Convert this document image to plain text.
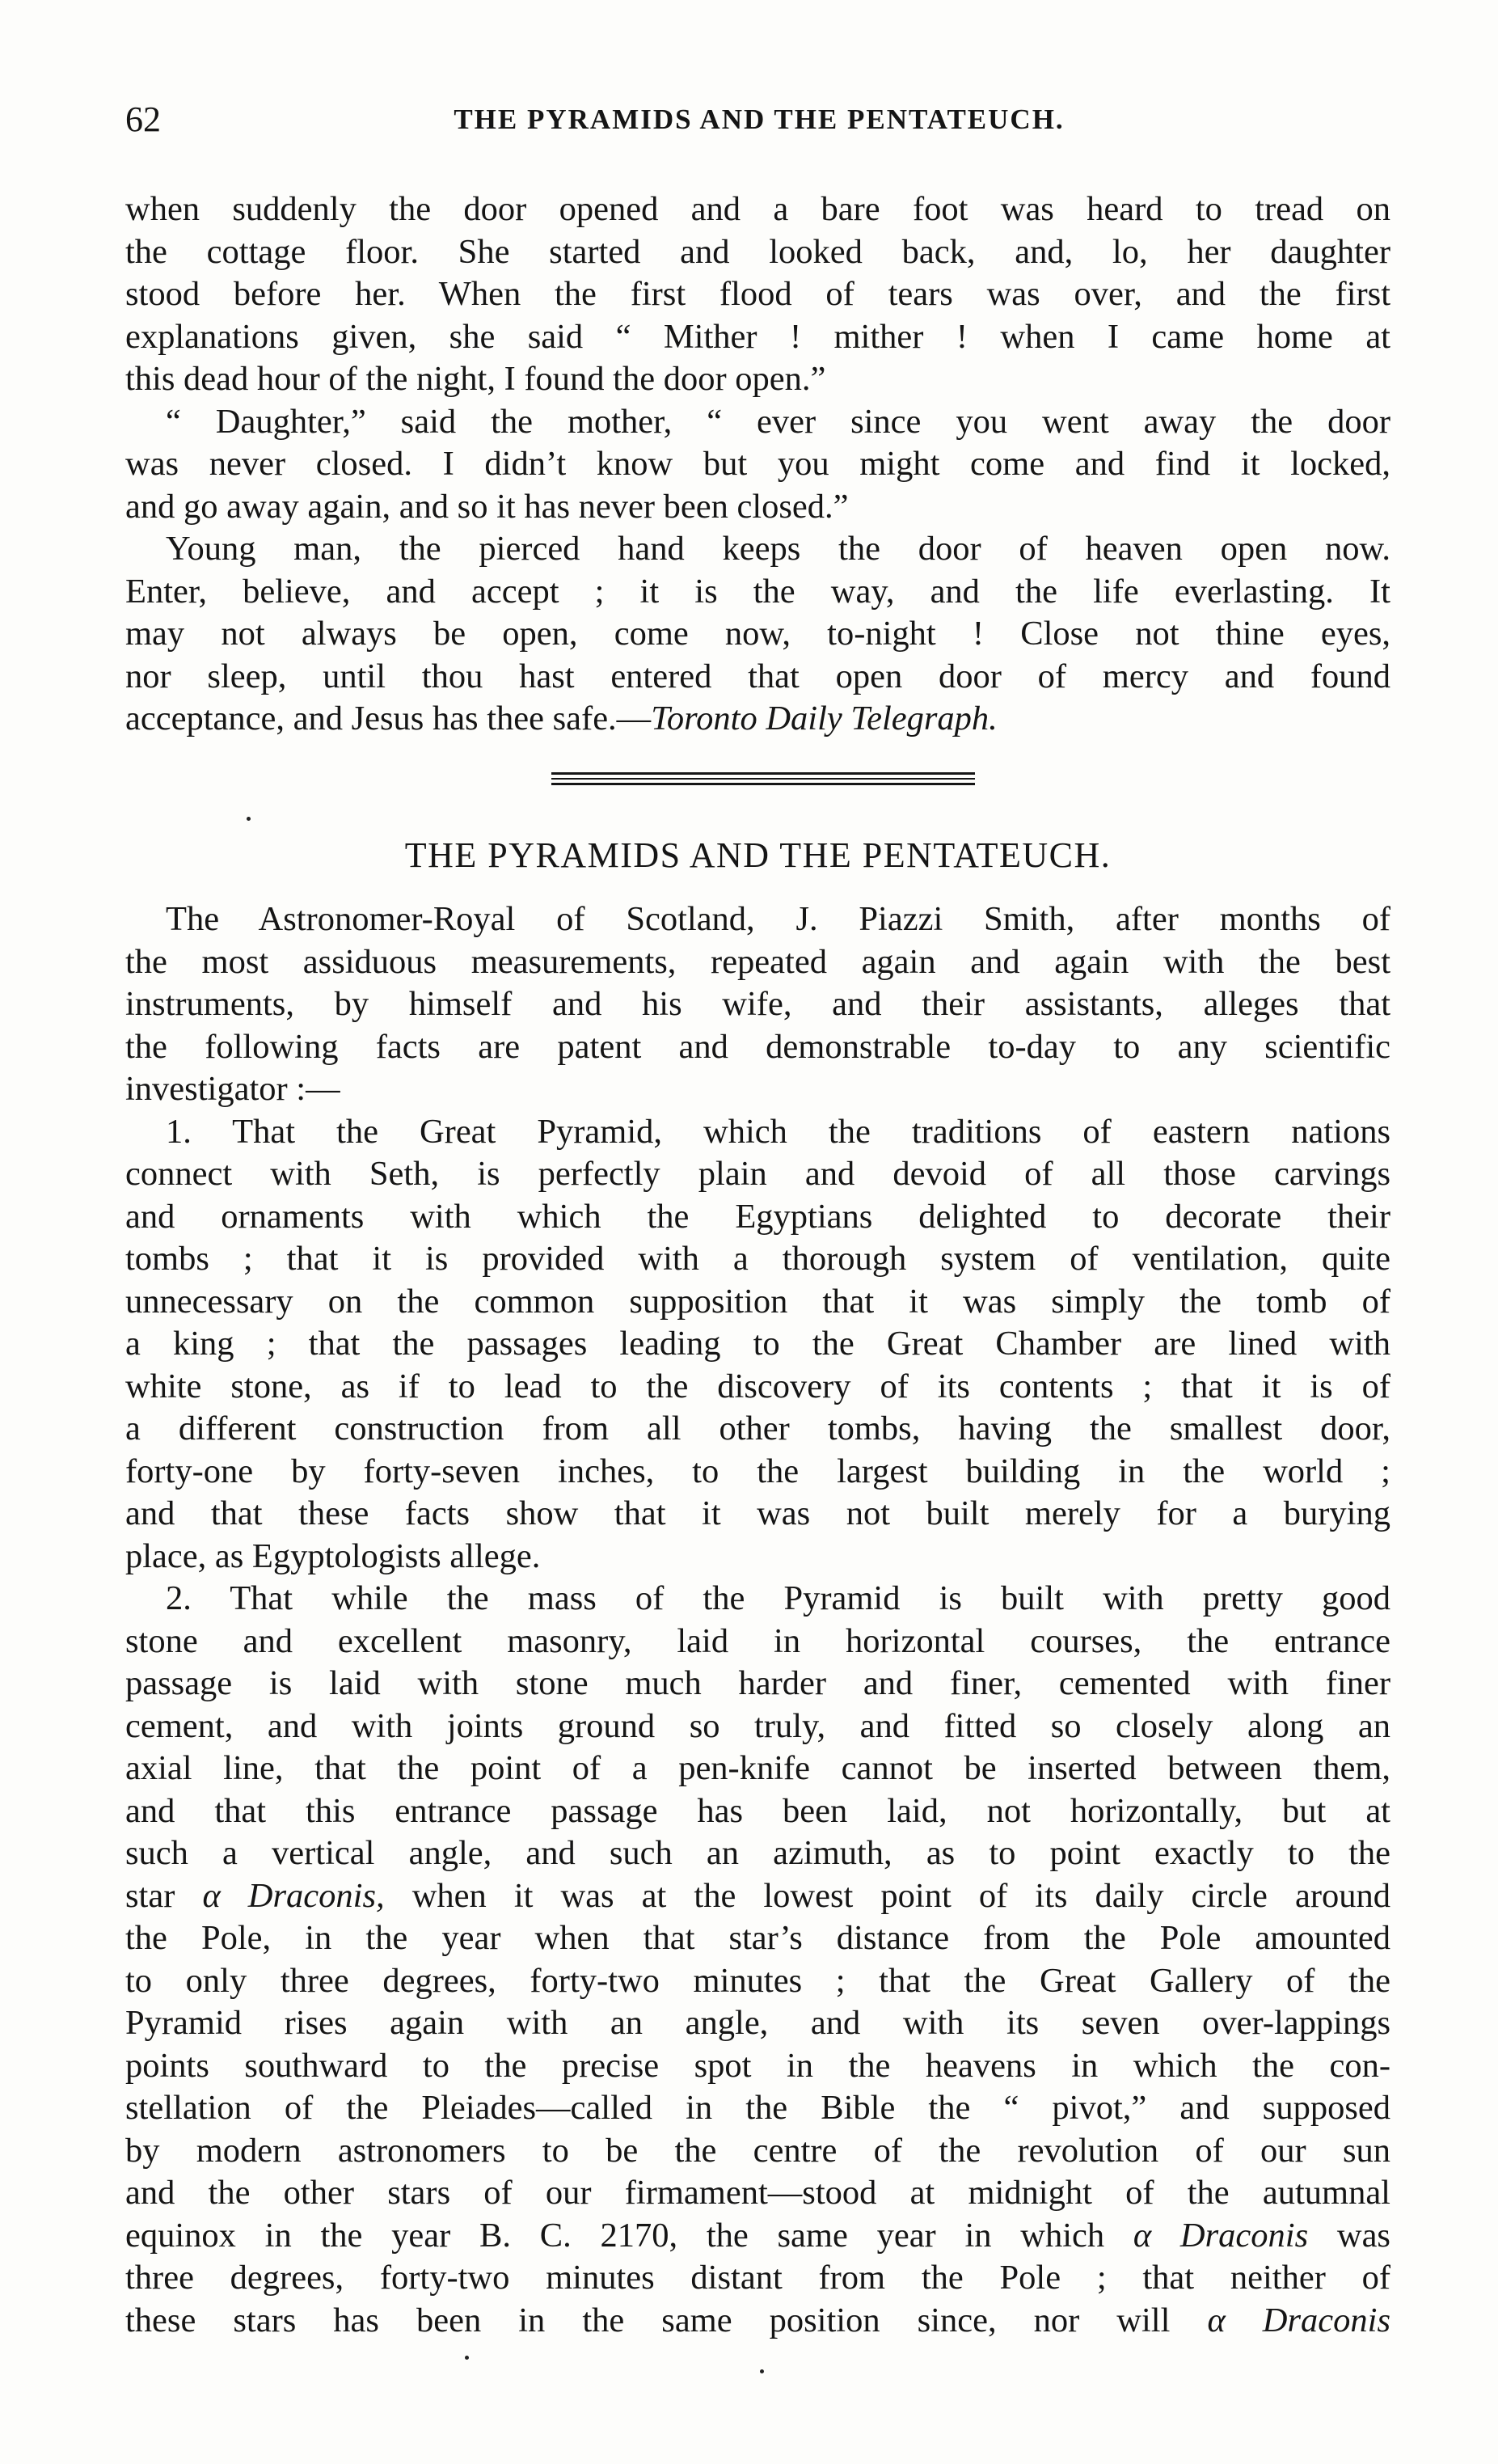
62	THE PYRAMIDS AND THE PENTATEUCH.
when suddenly the door opened and a bare foot was heard to tread on
the cottage floor. She started and looked back, and, lo, her daughter
stood before her. When the first flood of tears was over, and the first
explanations given, she said “ Mither ! mither ! when I came home at
this dead hour of the night, I found the door open.”
“ Daughter,” said the mother, “ ever since you went away the door
was never closed. I didn’t know but you might come and find it locked,
and go away again, and so it has never been closed.”
Young man, the pierced hand keeps the door of heaven open now.
Enter, believe, and accept ; it is the way, and the life everlasting. It
may not always be open, come now, to-night ! Close not thine eyes,
nor sleep, until thou hast entered that open door of mercy and found
acceptance, and Jesus has thee safe.—Toronto Daily Telegraph.
THE PYRAMIDS AND THE PENTATEUCH.
The Astronomer-Royal of Scotland, J. Piazzi Smith, after months of
the most assiduous measurements, repeated again and again with the best
instruments, by himself and his wife, and their assistants, alleges that
the following facts are patent and demonstrable to-day to any scientific
investigator :—
1. That the Great Pyramid, which the traditions of eastern nations
connect with Seth, is perfectly plain and devoid of all those carvings
and ornaments with which the Egyptians delighted to decorate their
tombs ; that it is provided with a thorough system of ventilation, quite
unnecessary on the common supposition that it was simply the tomb of
a king ; that the passages leading to the Great Chamber are lined with
white stone, as if to lead to the discovery of its contents ; that it is of
a different construction from all other tombs, having the smallest door,
forty-one by forty-seven inches, to the largest building in the world ;
and that these facts show that it was not built merely for a burying
place, as Egyptologists allege.
2. That while the mass of the Pyramid is built with pretty good
stone and excellent masonry, laid in horizontal courses, the entrance
passage is laid with stone much harder and finer, cemented with finer
cement, and with joints ground so truly, and fitted so closely along an
axial line, that the point of a pen-knife cannot be inserted between them,
and that this entrance passage has been laid, not horizontally, but at
such a vertical angle, and such an azimuth, as to point exactly to the
star α Draconis, when it was at the lowest point of its daily circle around
the Pole, in the year when that star’s distance from the Pole amounted
to only three degrees, forty-two minutes ; that the Great Gallery of the
Pyramid rises again with an angle, and with its seven over-lappings
points southward to the precise spot in the heavens in which the con-
stellation of the Pleiades—called in the Bible the “ pivot,” and supposed
by modern astronomers to be the centre of the revolution of our sun
and the other stars of our firmament—stood at midnight of the autumnal
equinox in the year B. C. 2170, the same year in which α Draconis was
three degrees, forty-two minutes distant from the Pole ; that neither of
these stars has been in the same position since, nor will α Draconis
